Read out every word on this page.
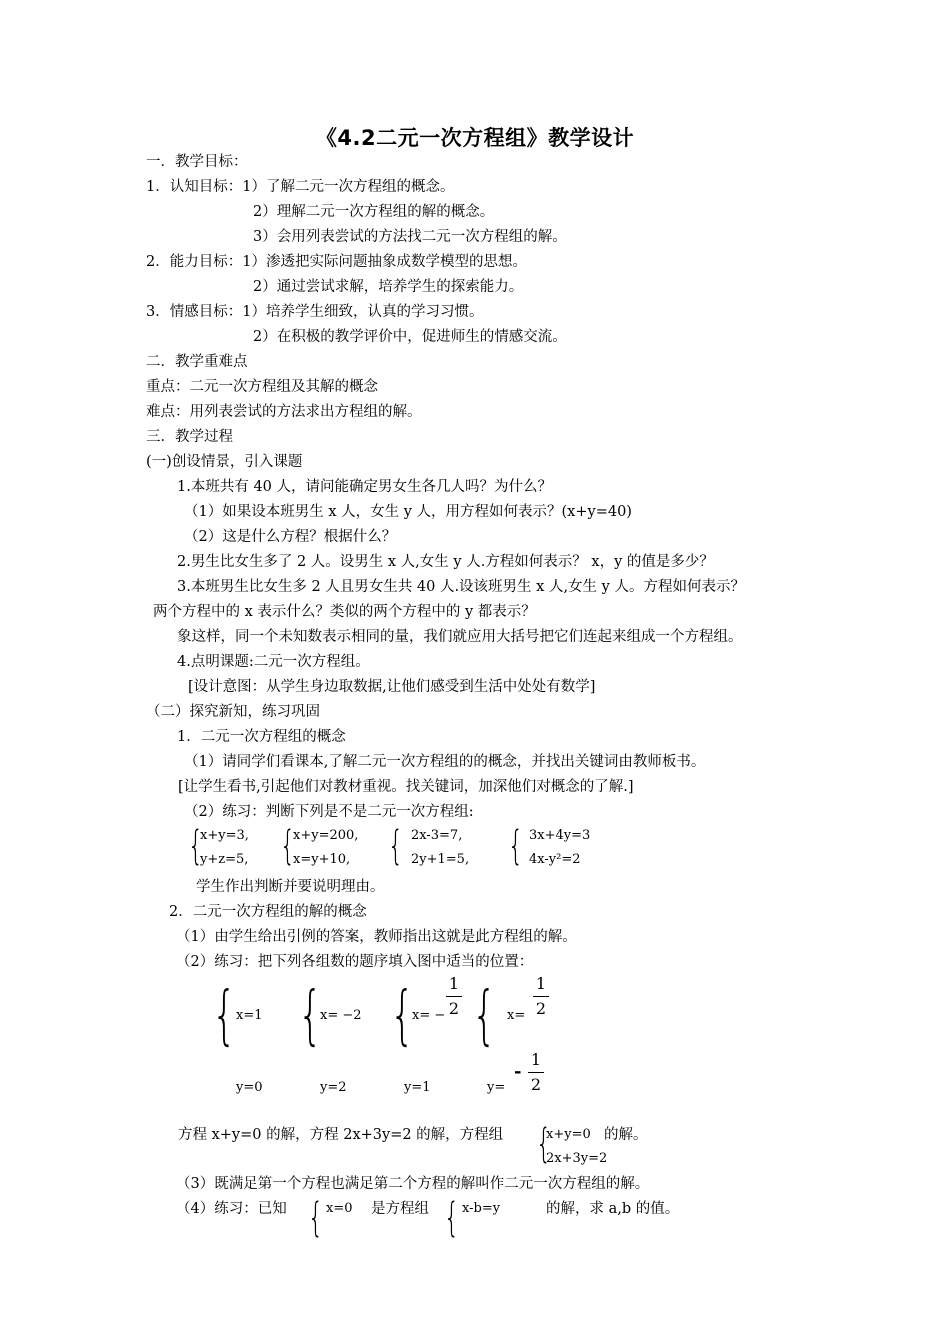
《4.2二元一次方程组》教学设计
一．教学目标：
1．认知目标：1）了解二元一次方程组的概念。
2）理解二元一次方程组的解的概念。
3）会用列表尝试的方法找二元一次方程组的解。
2．能力目标：1）渗透把实际问题抽象成数学模型的思想。
2）通过尝试求解，培养学生的探索能力。
3．情感目标：1）培养学生细致，认真的学习习惯。
2）在积极的教学评价中，促进师生的情感交流。
二．教学重难点
重点：二元一次方程组及其解的概念
难点：用列表尝试的方法求出方程组的解。
三．教学过程
(一)创设情景，引入课题
1.本班共有 40 人，请问能确定男女生各几人吗？为什么？
（1）如果设本班男生 x 人，女生 y 人，用方程如何表示？(x+y=40)
（2）这是什么方程？根据什么？
2.男生比女生多了 2 人。设男生 x 人,女生 y 人.方程如何表示？ x，y 的值是多少？
3.本班男生比女生多 2 人且男女生共 40 人.设该班男生 x 人,女生 y 人。方程如何表示？
两个方程中的 x 表示什么？类似的两个方程中的 y 都表示？
象这样，同一个未知数表示相同的量，我们就应用大括号把它们连起来组成一个方程组。
4.点明课题:二元一次方程组。
[设计意图：从学生身边取数据,让他们感受到生活中处处有数学]
（二）探究新知，练习巩固
1．二元一次方程组的概念
（1）请同学们看课本,了解二元一次方程组的的概念，并找出关键词由教师板书。
[让学生看书,引起他们对教材重视。找关键词，加深他们对概念的了解.]
（2）练习：判断下列是不是二元一次方程组:
{
x+y=3,
y+z=5, {
x+y=200,
x=y+10, { 2x-3=7,
2y+1=5, { 3x+4y=3
4x-y²=2
学生作出判断并要说明理由。
2．二元一次方程组的解的概念
（1）由学生给出引例的答案，教师指出这就是此方程组的解。
（2）练习：把下列各组数的题序填入图中适当的位置：
{ x=1
y=0
{
x= −2
y=2
{
x= −
1
2
y=1
{ x=
1
2
y=
-
1
2
方程 x+y=0 的解，方程 2x+3y=2 的解，方程组 {
x+y=0
2x+3y=2
的解。
（3）既满足第一个方程也满足第二个方程的解叫作二元一次方程组的解。
（4）练习：已知 { x=0 是方程组 { x-b=y	的解，求 a,b 的值。
